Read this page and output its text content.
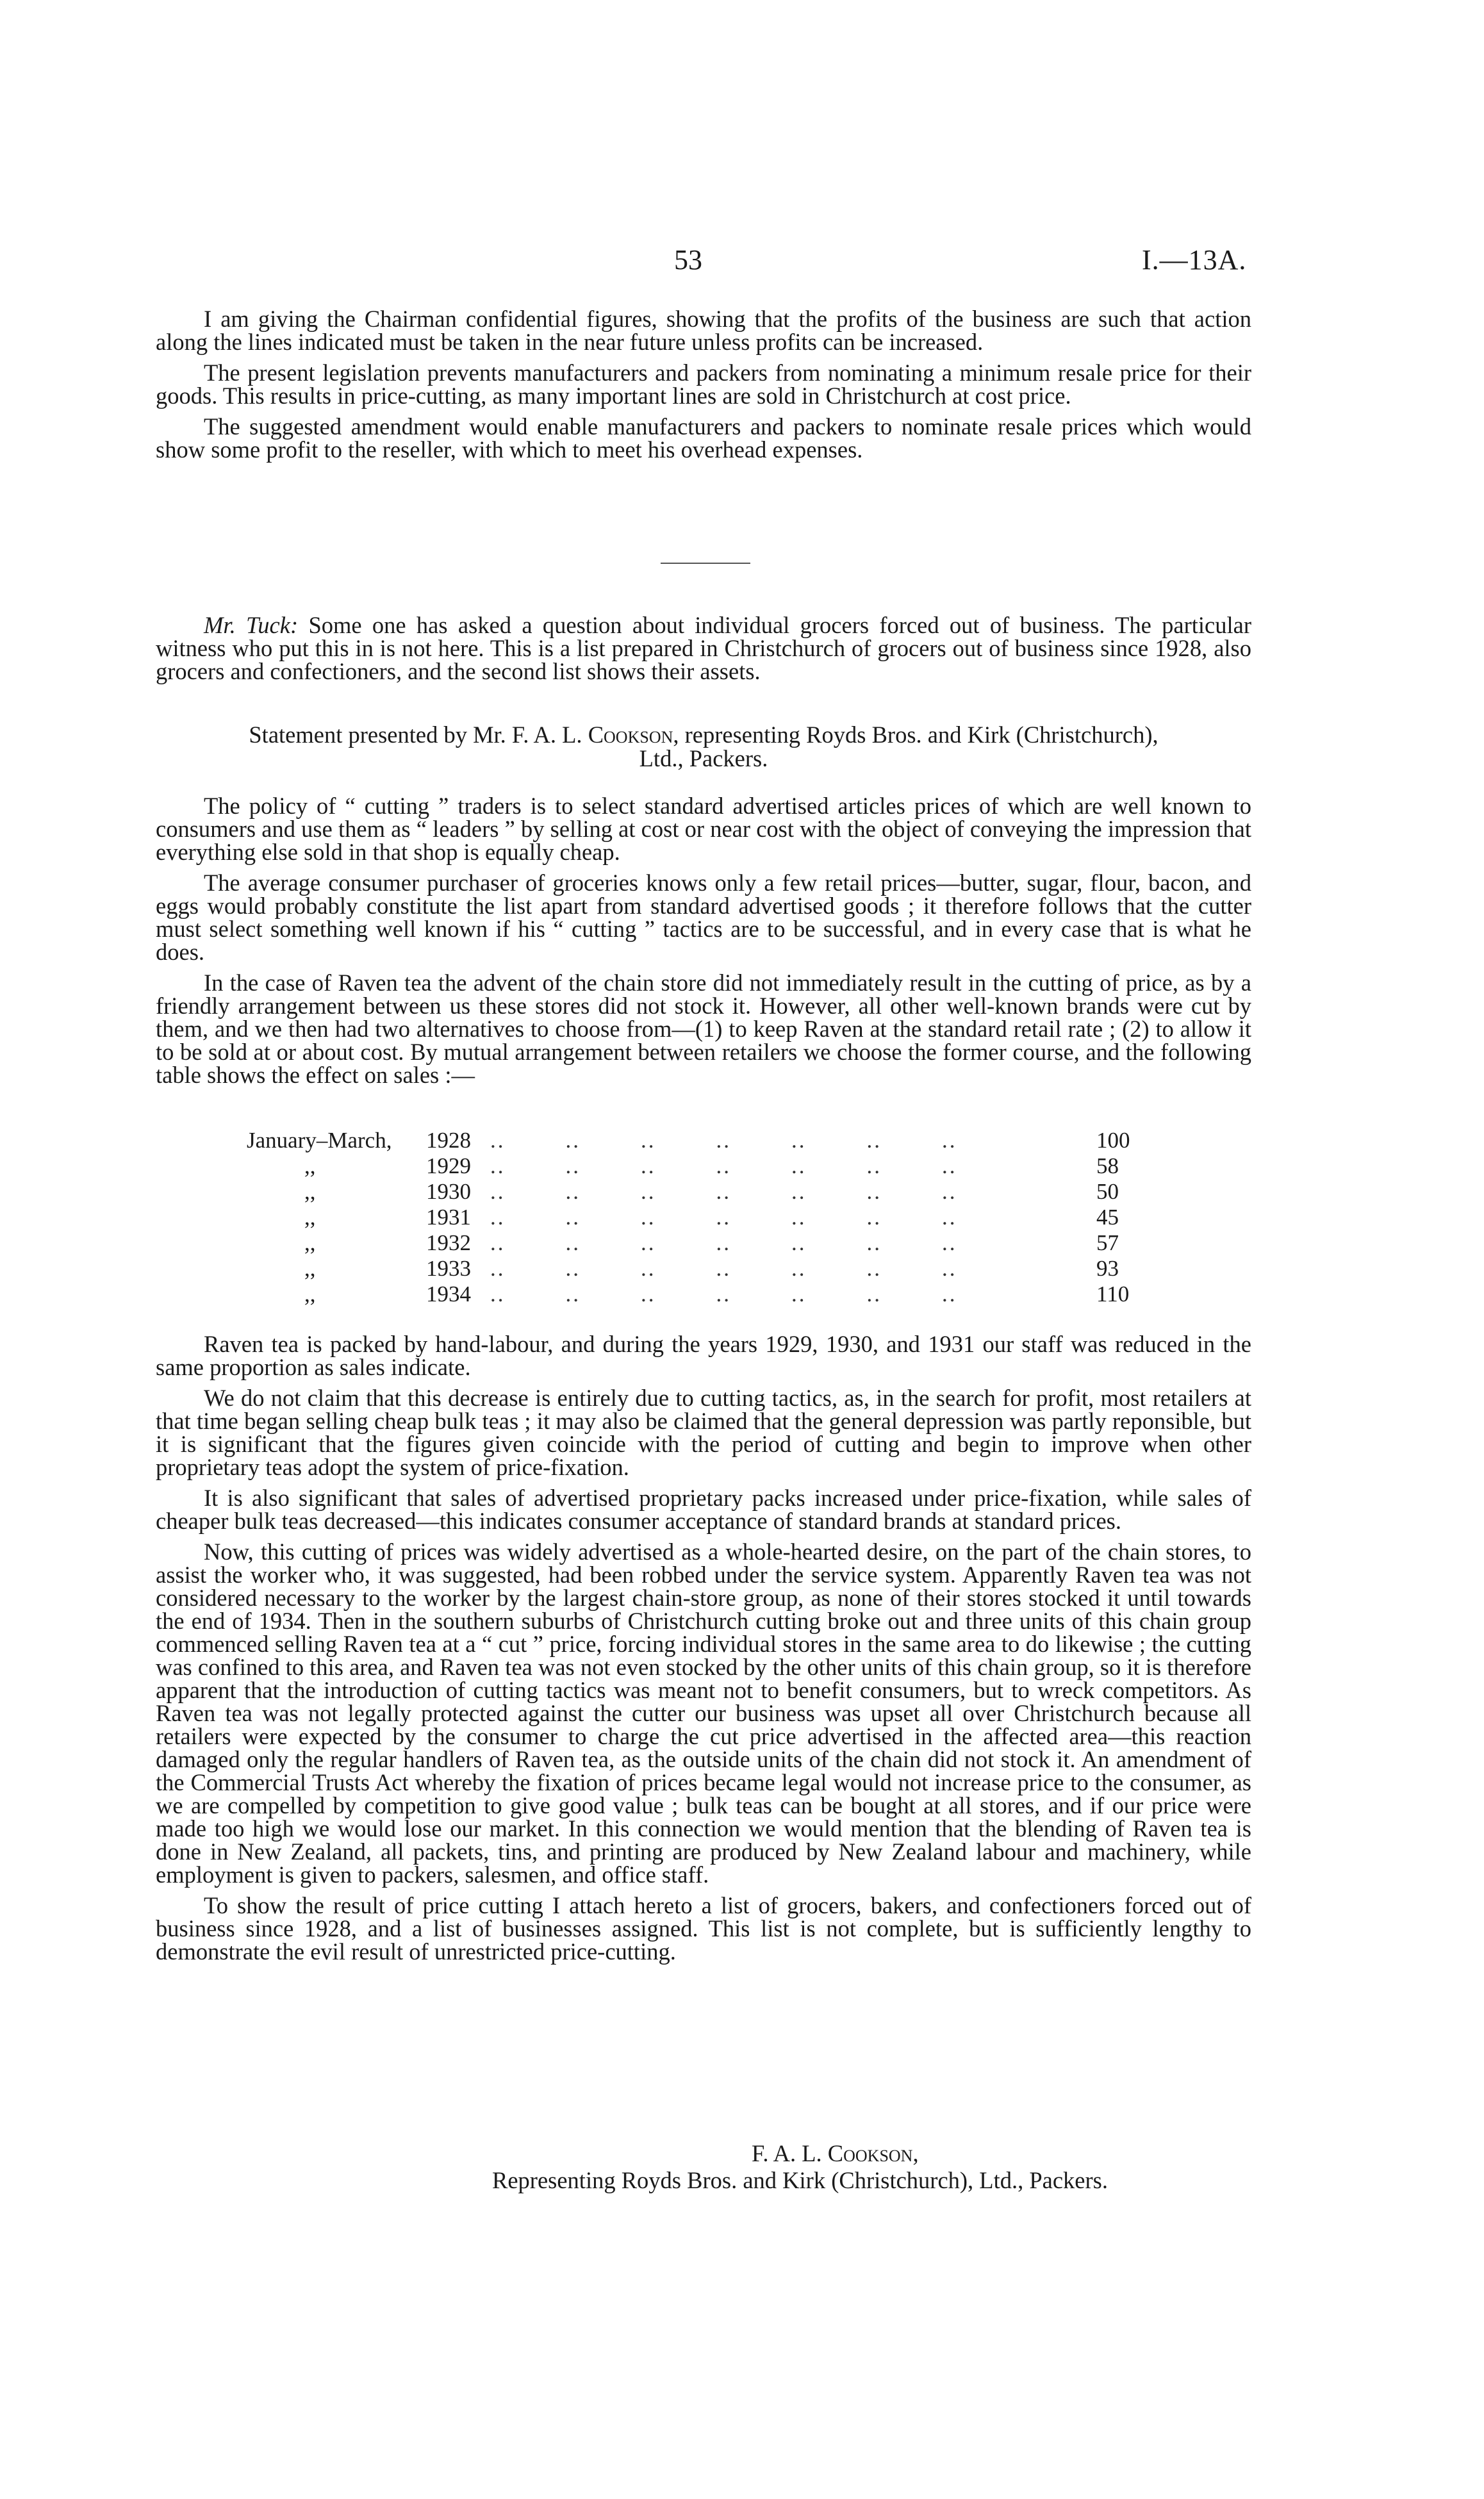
53	I.—13A.

I am giving the Chairman confidential figures, showing that the profits of the business are such that action along the lines indicated must be taken in the near future unless profits can be increased.

The present legislation prevents manufacturers and packers from nominating a minimum resale price for their goods. This results in price-cutting, as many important lines are sold in Christchurch at cost price.

The suggested amendment would enable manufacturers and packers to nominate resale prices which would show some profit to the reseller, with which to meet his overhead expenses.

Mr. Tuck: Some one has asked a question about individual grocers forced out of business. The particular witness who put this in is not here. This is a list prepared in Christchurch of grocers out of business since 1928, also grocers and confectioners, and the second list shows their assets.

Statement presented by Mr. F. A. L. Cookson, representing Royds Bros. and Kirk (Christchurch),
Ltd., Packers.

The policy of “ cutting ” traders is to select standard advertised articles prices of which are well known to consumers and use them as “ leaders ” by selling at cost or near cost with the object of conveying the impression that everything else sold in that shop is equally cheap.

The average consumer purchaser of groceries knows only a few retail prices—butter, sugar, flour, bacon, and eggs would probably constitute the list apart from standard advertised goods ; it therefore follows that the cutter must select something well known if his “ cutting ” tactics are to be successful, and in every case that is what he does.

In the case of Raven tea the advent of the chain store did not immediately result in the cutting of price, as by a friendly arrangement between us these stores did not stock it. However, all other well-known brands were cut by them, and we then had two alternatives to choose from—(1) to keep Raven at the standard retail rate ; (2) to allow it to be sold at or about cost. By mutual arrangement between retailers we choose the former course, and the following table shows the effect on sales :—

January–March, 1928 ..        ..        ..        ..        ..        ..        ..	100
,,	1929 ..        ..        ..        ..        ..        ..        ..	58
,,	1930 ..        ..        ..        ..        ..        ..        ..	50
,,	1931 ..        ..        ..        ..        ..        ..        ..	45
,,	1932 ..        ..        ..        ..        ..        ..        ..	57
,,	1933 ..        ..        ..        ..        ..        ..        ..	93
,,	1934 ..        ..        ..        ..        ..        ..        ..	110

Raven tea is packed by hand-labour, and during the years 1929, 1930, and 1931 our staff was reduced in the same proportion as sales indicate.

We do not claim that this decrease is entirely due to cutting tactics, as, in the search for profit, most retailers at that time began selling cheap bulk teas ; it may also be claimed that the general depression was partly reponsible, but it is significant that the figures given coincide with the period of cutting and begin to improve when other proprietary teas adopt the system of price-fixation.

It is also significant that sales of advertised proprietary packs increased under price-fixation, while sales of cheaper bulk teas decreased—this indicates consumer acceptance of standard brands at standard prices.

Now, this cutting of prices was widely advertised as a whole-hearted desire, on the part of the chain stores, to assist the worker who, it was suggested, had been robbed under the service system. Apparently Raven tea was not considered necessary to the worker by the largest chain-store group, as none of their stores stocked it until towards the end of 1934. Then in the southern suburbs of Christchurch cutting broke out and three units of this chain group commenced selling Raven tea at a “ cut ” price, forcing individual stores in the same area to do likewise ; the cutting was confined to this area, and Raven tea was not even stocked by the other units of this chain group, so it is therefore apparent that the introduction of cutting tactics was meant not to benefit consumers, but to wreck competitors. As Raven tea was not legally protected against the cutter our business was upset all over Christchurch because all retailers were expected by the consumer to charge the cut price advertised in the affected area—this reaction damaged only the regular handlers of Raven tea, as the outside units of the chain did not stock it. An amendment of the Commercial Trusts Act whereby the fixation of prices became legal would not increase price to the consumer, as we are compelled by competition to give good value ; bulk teas can be bought at all stores, and if our price were made too high we would lose our market. In this connection we would mention that the blending of Raven tea is done in New Zealand, all packets, tins, and printing are produced by New Zealand labour and machinery, while employment is given to packers, salesmen, and office staff.

To show the result of price cutting I attach hereto a list of grocers, bakers, and confectioners forced out of business since 1928, and a list of businesses assigned. This list is not complete, but is sufficiently lengthy to demonstrate the evil result of unrestricted price-cutting.

F. A. L. Cookson,
Representing Royds Bros. and Kirk (Christchurch), Ltd., Packers.
